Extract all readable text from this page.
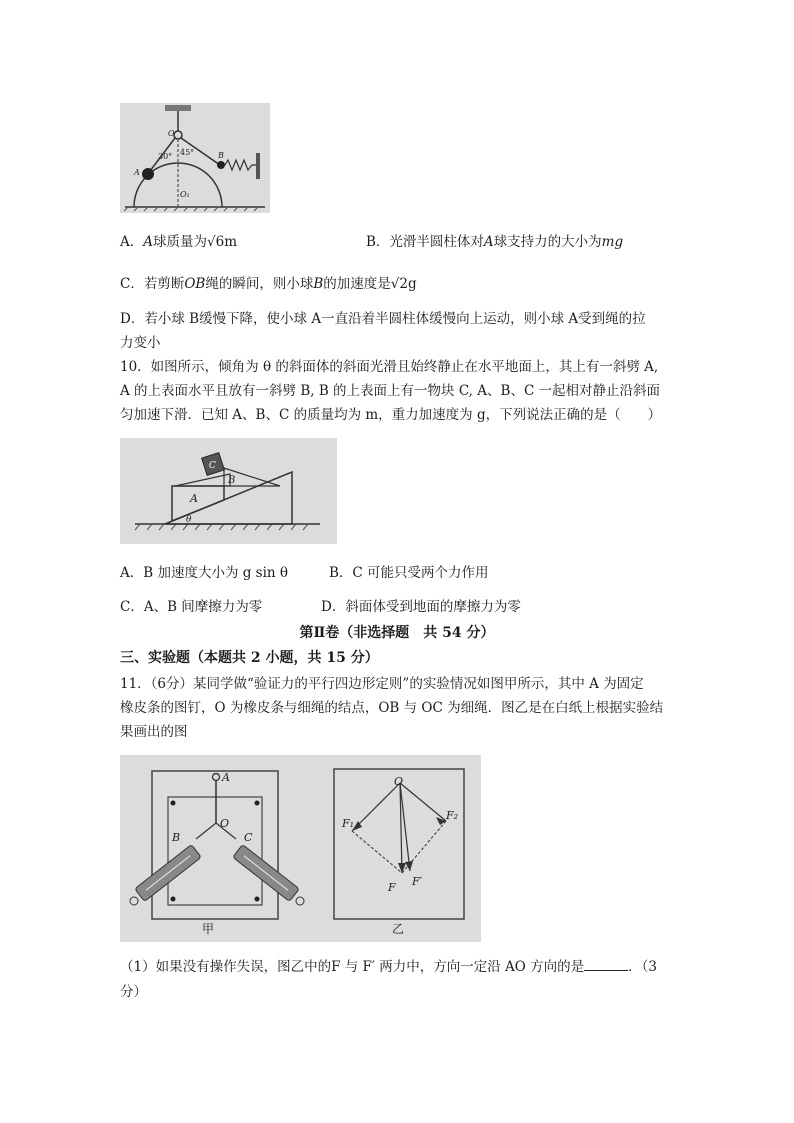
O
A
B
O₁
30° 45°
A．A球质量为√6m	B．光滑半圆柱体对A球支持力的大小为mg
C．若剪断OB绳的瞬间，则小球B的加速度是√2g
D．若小球 B缓慢下降，使小球 A一直沿着半圆柱体缓慢向上运动，则小球 A受到绳的拉
力变小
10．如图所示，倾角为 θ 的斜面体的斜面光滑且始终静止在水平地面上，其上有一斜劈 A,
A 的上表面水平且放有一斜劈 B, B 的上表面上有一物块 C, A、B、C 一起相对静止沿斜面
匀加速下滑．已知 A、B、C 的质量均为 m，重力加速度为 g，下列说法正确的是（　　）
C
B
A
θ
A．B 加速度大小为 g sin θ	B．C 可能只受两个力作用
C．A、B 间摩擦力为零	D．斜面体受到地面的摩擦力为零
第Ⅱ卷（非选择题　共 54 分）
三、实验题（本题共 2 小题，共 15 分）
11．（6分）某同学做“验证力的平行四边形定则”的实验情况如图甲所示，其中 A 为固定
橡皮条的图钉，O 为橡皮条与细绳的结点，OB 与 OC 为细绳．图乙是在白纸上根据实验结
果画出的图
A
O
B	C
甲
O
F₁
F₂
F F′
乙
（1）如果没有操作失误，图乙中的F 与 F′ 两力中，方向一定沿 AO 方向的是	．（3
分）
